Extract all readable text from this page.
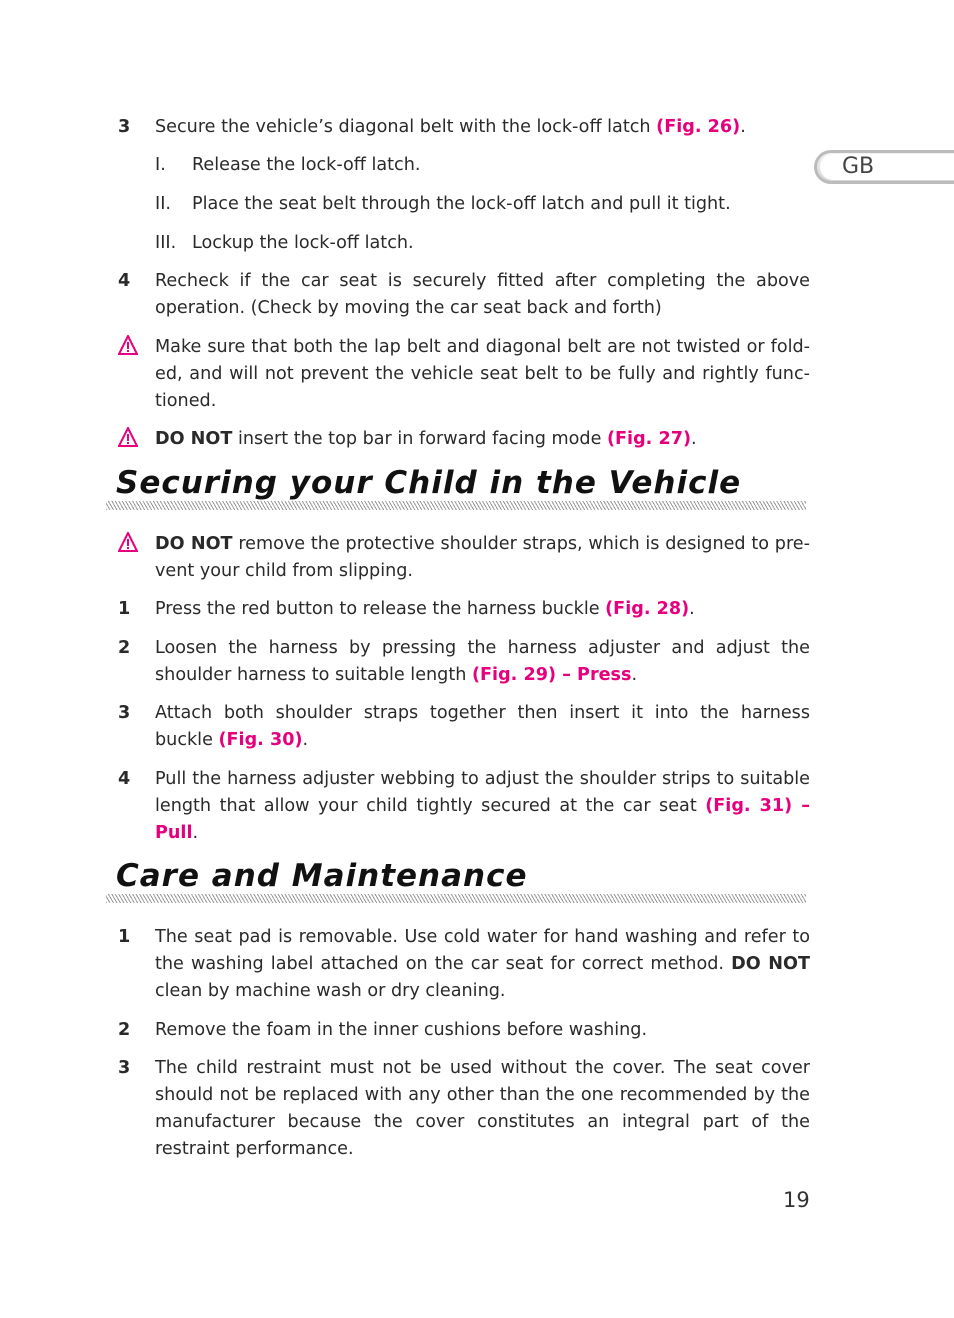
GB
3 Secure the vehicle’s diagonal belt with the lock-off latch (Fig. 26).
I. Release the lock-off latch.
II. Place the seat belt through the lock-off latch and pull it tight.
III. Lockup the lock-off latch.
4 Recheck if the car seat is securely fitted after completing the above operation. (Check by moving the car seat back and forth)
Make sure that both the lap belt and diagonal belt are not twisted or folded, and will not prevent the vehicle seat belt to be fully and rightly functioned.
DO NOT insert the top bar in forward facing mode (Fig. 27).
Securing your Child in the Vehicle
DO NOT remove the protective shoulder straps, which is designed to prevent your child from slipping.
1 Press the red button to release the harness buckle (Fig. 28).
2 Loosen the harness by pressing the harness adjuster and adjust the shoulder harness to suitable length (Fig. 29) – Press.
3 Attach both shoulder straps together then insert it into the harness buckle (Fig. 30).
4 Pull the harness adjuster webbing to adjust the shoulder strips to suitable length that allow your child tightly secured at the car seat (Fig. 31) – Pull.
Care and Maintenance
1 The seat pad is removable. Use cold water for hand washing and refer to the washing label attached on the car seat for correct method. DO NOT clean by machine wash or dry cleaning.
2 Remove the foam in the inner cushions before washing.
3 The child restraint must not be used without the cover. The seat cover should not be replaced with any other than the one recommended by the manufacturer because the cover constitutes an integral part of the restraint performance.
19
